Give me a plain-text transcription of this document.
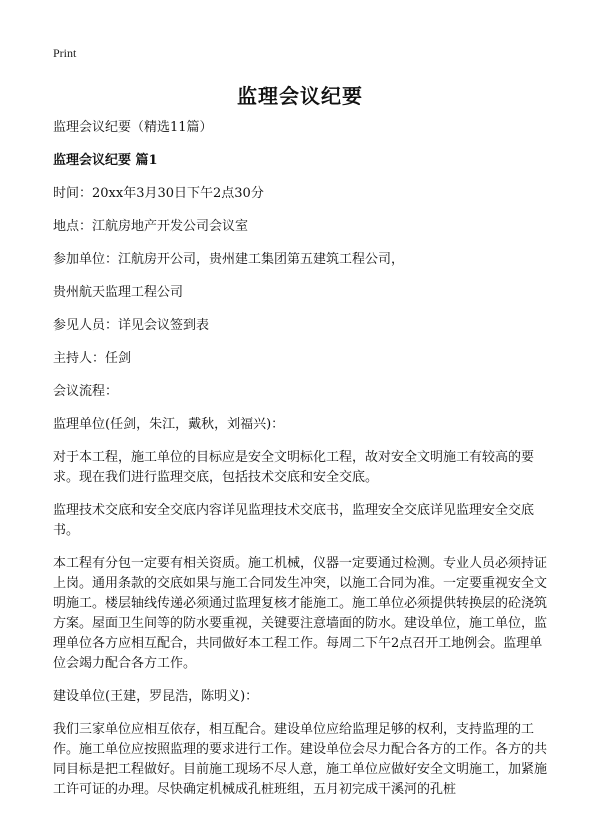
Print
监理会议纪要

监理会议纪要（精选11篇）

监理会议纪要 篇1

时间：20xx年3月30日下午2点30分

地点：江航房地产开发公司会议室

参加单位：江航房开公司，贵州建工集团第五建筑工程公司，

贵州航天监理工程公司

参见人员：详见会议签到表

主持人：任剑

会议流程：

监理单位(任剑，朱江，戴秋，刘福兴)：

对于本工程，施工单位的目标应是安全文明标化工程，故对安全文明施工有较高的要求。现在我们进行监理交底，包括技术交底和安全交底。

监理技术交底和安全交底内容详见监理技术交底书，监理安全交底详见监理安全交底书。

本工程有分包一定要有相关资质。施工机械，仪器一定要通过检测。专业人员必须持证上岗。通用条款的交底如果与施工合同发生冲突，以施工合同为准。一定要重视安全文明施工。楼层轴线传递必须通过监理复核才能施工。施工单位必须提供转换层的砼浇筑方案。屋面卫生间等的防水要重视，关键要注意墙面的防水。建设单位，施工单位，监理单位各方应相互配合，共同做好本工程工作。每周二下午2点召开工地例会。监理单位会竭力配合各方工作。

建设单位(王建，罗昆浩，陈明义)：

我们三家单位应相互依存，相互配合。建设单位应给监理足够的权利，支持监理的工作。施工单位应按照监理的要求进行工作。建设单位会尽力配合各方的工作。各方的共同目标是把工程做好。目前施工现场不尽人意，施工单位应做好安全文明施工，加紧施工许可证的办理。尽快确定机械成孔桩班组，五月初完成干溪河的孔桩
